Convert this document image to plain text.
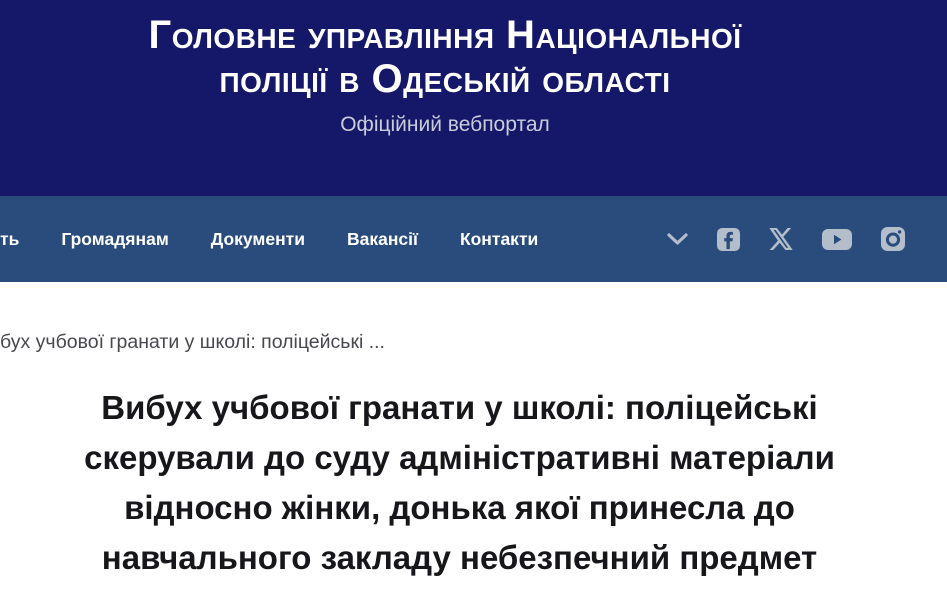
Головне управління Національної
поліції в Одеській області

Офіційний вебпортал

ть Громадянам Документи Вакансії Контакти
бух учбової гранати у школі: поліцейські ...
Вибух учбової гранати у школі: поліцейські
скерували до суду адміністративні матеріали
відносно жінки, донька якої принесла до
навчального закладу небезпечний предмет
